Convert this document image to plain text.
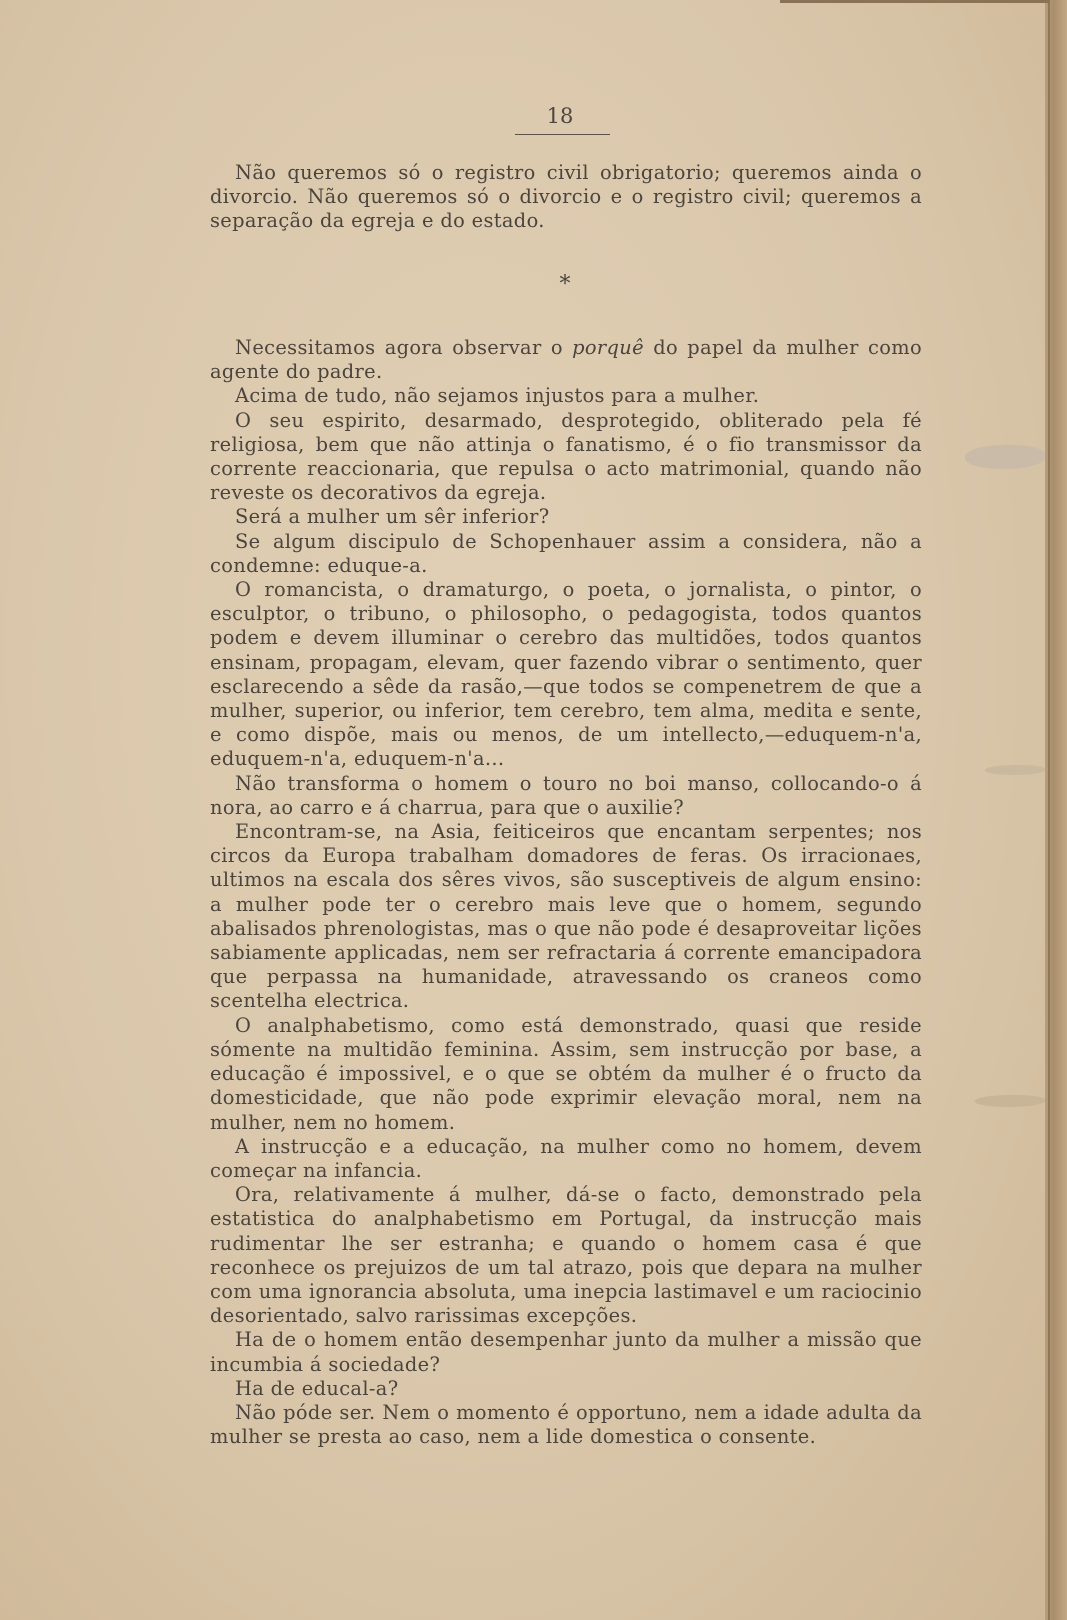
18

Não queremos só o registro civil obrigatorio; queremos ainda o divorcio. Não queremos só o divorcio e o registro civil; queremos a separação da egreja e do estado.

*

Necessitamos agora observar o porquê do papel da mulher como agente do padre.

Acima de tudo, não sejamos injustos para a mulher.

O seu espirito, desarmado, desprotegido, obliterado pela fé religiosa, bem que não attinja o fanatismo, é o fio transmissor da corrente reaccionaria, que repulsa o acto matrimonial, quando não reveste os decorativos da egreja.

Será a mulher um sêr inferior?

Se algum discipulo de Schopenhauer assim a considera, não a condemne: eduque-a.

O romancista, o dramaturgo, o poeta, o jornalista, o pintor, o esculptor, o tribuno, o philosopho, o pedagogista, todos quantos podem e devem illuminar o cerebro das multidões, todos quantos ensinam, propagam, elevam, quer fazendo vibrar o sentimento, quer esclarecendo a sêde da rasão,—que todos se compenetrem de que a mulher, superior, ou inferior, tem cerebro, tem alma, medita e sente, e como dispõe, mais ou menos, de um intellecto,—eduquem-n'a, eduquem-n'a, eduquem-n'a...

Não transforma o homem o touro no boi manso, collocando-o á nora, ao carro e á charrua, para que o auxilie?

Encontram-se, na Asia, feiticeiros que encantam serpentes; nos circos da Europa trabalham domadores de feras. Os irracionaes, ultimos na escala dos sêres vivos, são susceptiveis de algum ensino: a mulher pode ter o cerebro mais leve que o homem, segundo abalisados phrenologistas, mas o que não pode é desaproveitar lições sabiamente applicadas, nem ser refractaria á corrente emancipadora que perpassa na humanidade, atravessando os craneos como scentelha electrica.

O analphabetismo, como está demonstrado, quasi que reside sómente na multidão feminina. Assim, sem instrucção por base, a educação é impossivel, e o que se obtém da mulher é o fructo da domesticidade, que não pode exprimir elevação moral, nem na mulher, nem no homem.

A instrucção e a educação, na mulher como no homem, devem começar na infancia.

Ora, relativamente á mulher, dá-se o facto, demonstrado pela estatistica do analphabetismo em Portugal, da instrucção mais rudimentar lhe ser estranha; e quando o homem casa é que reconhece os prejuizos de um tal atrazo, pois que depara na mulher com uma ignorancia absoluta, uma inepcia lastimavel e um raciocinio desorientado, salvo rarissimas excepções.

Ha de o homem então desempenhar junto da mulher a missão que incumbia á sociedade?

Ha de educal-a?

Não póde ser. Nem o momento é opportuno, nem a idade adulta da mulher se presta ao caso, nem a lide domestica o consente.
